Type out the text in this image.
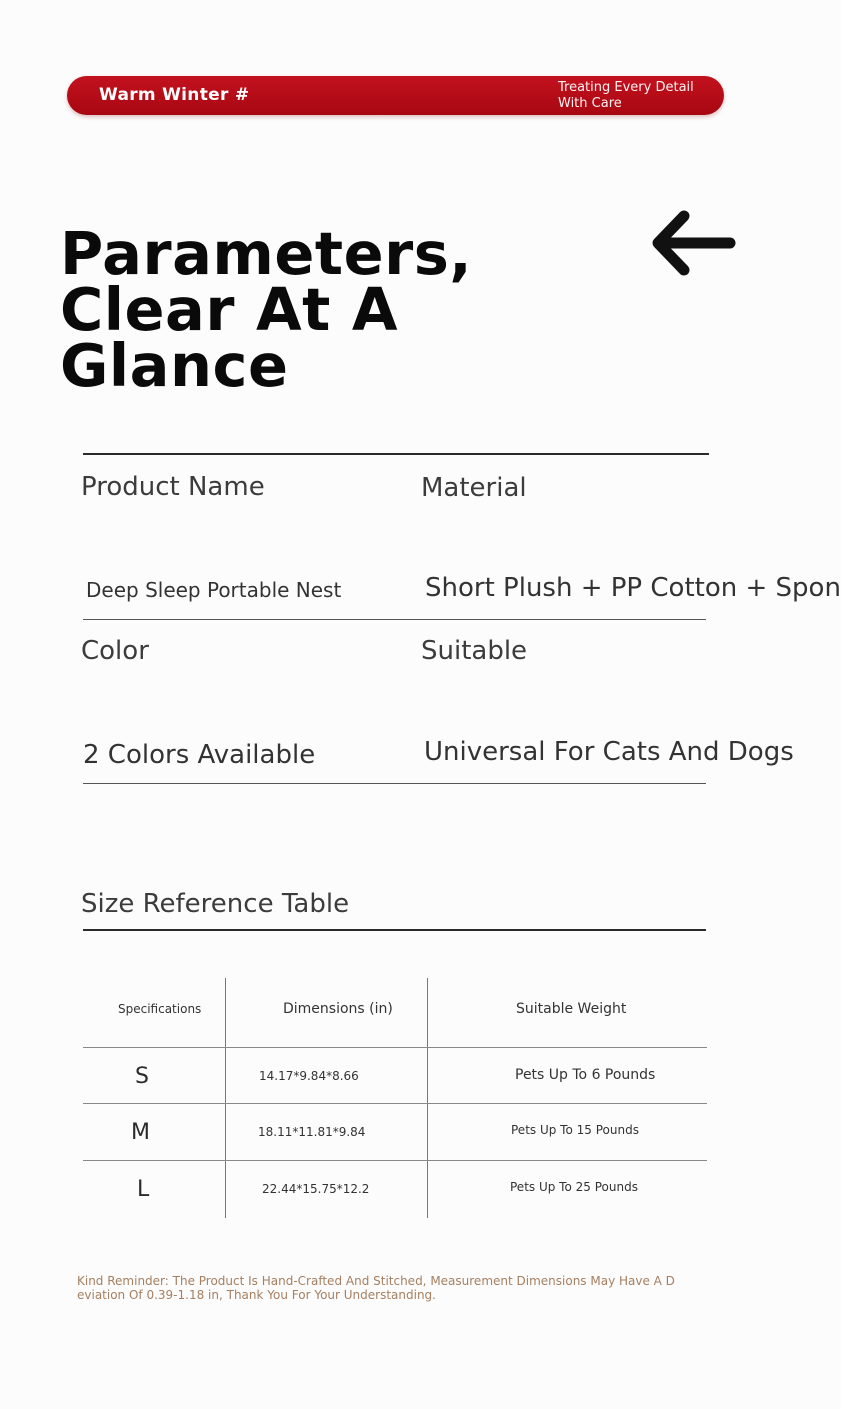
Warm Winter #	Treating Every Detail With Care
Parameters, Clear At A Glance
Product Name	Material
Deep Sleep Portable Nest	Short Plush + PP Cotton + Spon
Color	Suitable
2 Colors Available	Universal For Cats And Dogs
Size Reference Table
Specifications	Dimensions (in)	Suitable Weight
S	14.17*9.84*8.66	Pets Up To 6 Pounds
M	18.11*11.81*9.84	Pets Up To 15 Pounds
L	22.44*15.75*12.2	Pets Up To 25 Pounds
Kind Reminder: The Product Is Hand-Crafted And Stitched, Measurement Dimensions May Have A Deviation Of 0.39-1.18 in, Thank You For Your Understanding.
